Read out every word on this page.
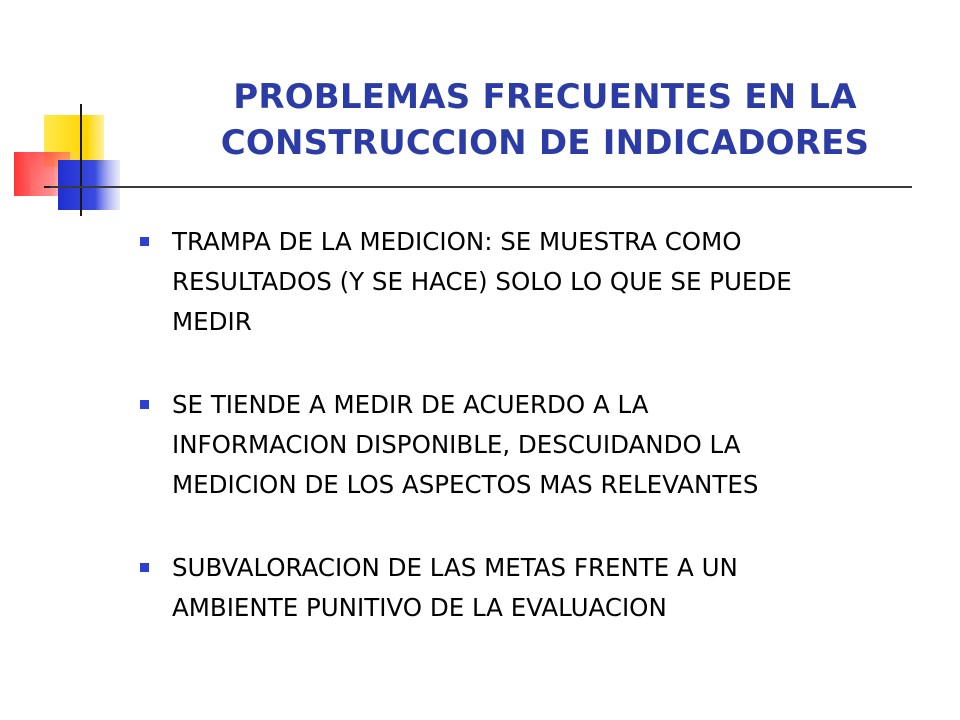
PROBLEMAS FRECUENTES EN LA
CONSTRUCCION DE INDICADORES
TRAMPA DE LA MEDICION: SE MUESTRA COMO
RESULTADOS (Y SE HACE) SOLO LO QUE SE PUEDE
MEDIR
SE TIENDE A MEDIR DE ACUERDO A LA
INFORMACION DISPONIBLE, DESCUIDANDO LA
MEDICION DE LOS ASPECTOS MAS RELEVANTES
SUBVALORACION DE LAS METAS FRENTE A UN
AMBIENTE PUNITIVO DE LA EVALUACION
